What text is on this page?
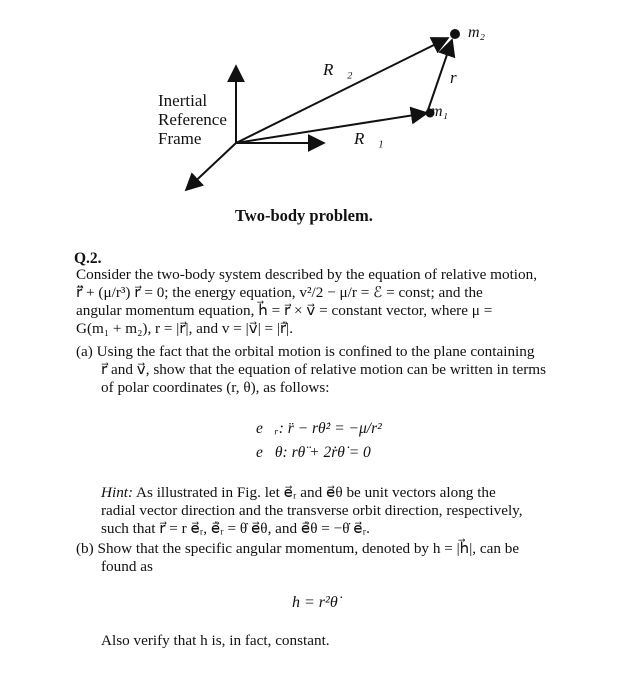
Inertial
Reference
Frame
R⃗₂
R⃗₁
r⃗
m₁
m₂
Two-body problem.
Q.2.
Consider the two-body system described by the equation of relative motion,
r⃗̈ + (μ/r³) r⃗ = 0; the energy equation, v²/2 − μ/r = ℰ = const; and the
angular momentum equation, h⃗ = r⃗ × v⃗ = constant vector, where μ =
G(m₁ + m₂), r = |r⃗|, and v = |v⃗| = |r⃗̇|.
(a) Using the fact that the orbital motion is confined to the plane containing
r⃗ and v⃗, show that the equation of relative motion can be written in terms
of polar coordinates (r, θ), as follows:
e⃗ᵣ: r̈ − rθ̇² = −μ/r²
e⃗θ: rθ̈ + 2ṙθ̇ = 0
Hint: As illustrated in Fig. let e⃗ᵣ and e⃗θ be unit vectors along the
radial vector direction and the transverse orbit direction, respectively,
such that r⃗ = r e⃗ᵣ, e⃗̇ᵣ = θ̇ e⃗θ, and e⃗̇θ = −θ̇ e⃗ᵣ.
(b) Show that the specific angular momentum, denoted by h = |h⃗|, can be
found as
h = r²θ̇
Also verify that h is, in fact, constant.
